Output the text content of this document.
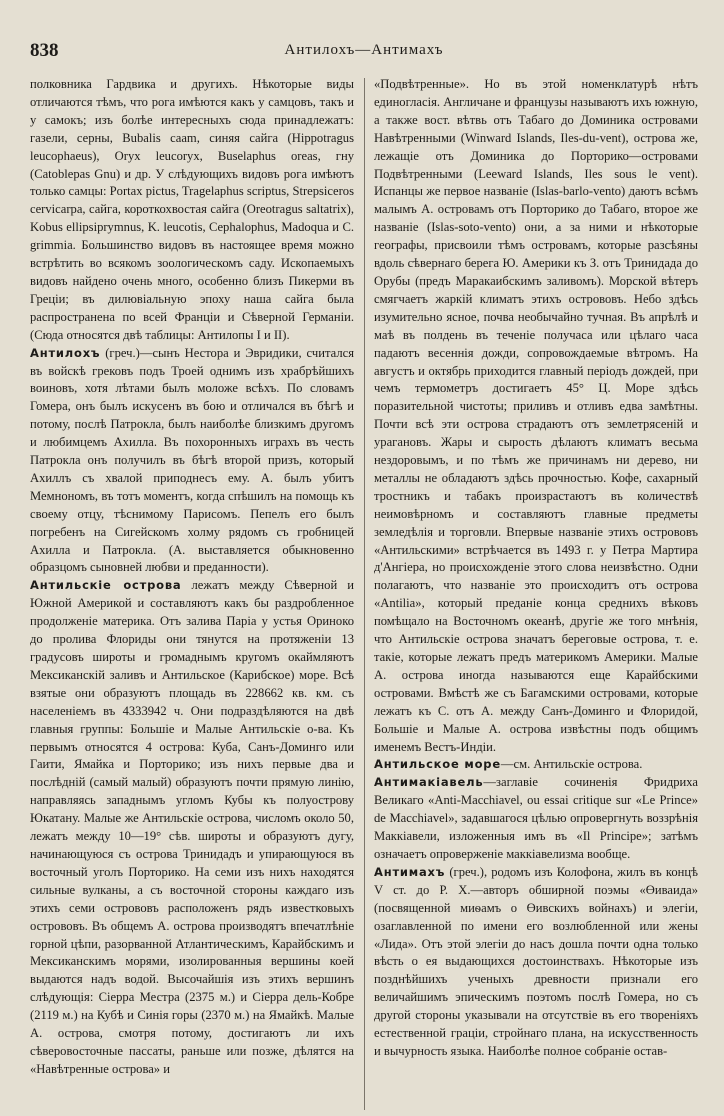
838	Антилохъ—Антимахъ

полковника Гардвика и другихъ. Нѣкоторые виды отличаются тѣмъ, что рога имѣются какъ у самцовъ, такъ и у самокъ; изъ болѣе интересныхъ сюда принадлежатъ: газели, серны, Bubalis caam, синяя сайга (Hippotragus leucophaeus), Oryx leucoryx, Buselaphus oreas, гну (Catoblepas Gnu) и др. У слѣдующихъ видовъ рога имѣютъ только самцы: Portax pictus, Tragelaphus scriptus, Strepsiceros cervicarpa, сайга, короткохвостая сайга (Oreotragus saltatrix), Kobus ellipsiprymnus, K. leucotis, Cephalophus, Madoqua и C. grimmia. Большинство видовъ въ настоящее время можно встрѣтить во всякомъ зоологическомъ саду. Ископаемыхъ видовъ найдено очень много, особенно близъ Пикерми въ Греціи; въ дилювіальную эпоху наша сайга была распространена по всей Франціи и Сѣверной Германіи. (Сюда относятся двѣ таблицы: Антилопы I и II).

Антилохъ (греч.)—сынъ Нестора и Эвридики, считался въ войскѣ грековъ подъ Троей однимъ изъ храбрѣйшихъ воиновъ, хотя лѣтами былъ моложе всѣхъ. По словамъ Гомера, онъ былъ искусенъ въ бою и отличался въ бѣгѣ и потому, послѣ Патрокла, былъ наиболѣе близкимъ другомъ и любимцемъ Ахилла. Въ похоронныхъ играхъ въ честь Патрокла онъ получилъ въ бѣгѣ второй призъ, который Ахиллъ съ хвалой приподнесъ ему. А. былъ убитъ Мемнономъ, въ тотъ моментъ, когда спѣшилъ на помощь къ своему отцу, тѣснимому Парисомъ. Пепелъ его былъ погребенъ на Сигейскомъ холму рядомъ съ гробницей Ахилла и Патрокла. (А. выставляется обыкновенно образцомъ сыновней любви и преданности).

Антильскіе острова лежатъ между Сѣверной и Южной Америкой и составляютъ какъ бы раздробленное продолженіе материка. Отъ залива Паріа у устья Ориноко до пролива Флориды они тянутся на протяженіи 13 градусовъ широты и громаднымъ кругомъ окаймляютъ Мексиканскій заливъ и Антильское (Карибское) море. Всѣ взятые они образуютъ площадь въ 228662 кв. км. съ населеніемъ въ 4333942 ч. Они подраздѣляются на двѣ главныя группы: Большіе и Малые Антильскіе о-ва. Къ первымъ относятся 4 острова: Куба, Санъ-Доминго или Гаити, Ямайка и Порторико; изъ нихъ первые два и послѣдній (самый малый) образуютъ почти прямую линію, направляясь западнымъ угломъ Кубы къ полуострову Юкатану. Малые же Антильскіе острова, числомъ около 50, лежатъ между 10—19° сѣв. широты и образуютъ дугу, начинающуюся съ острова Тринидадъ и упирающуюся въ восточный уголъ Порторико. На семи изъ нихъ находятся сильные вулканы, а съ восточной стороны каждаго изъ этихъ семи острововъ расположенъ рядъ известковыхъ острововъ. Въ общемъ А. острова производятъ впечатлѣніе горной цѣпи, разорванной Атлантическимъ, Карайбскимъ и Мексиканскимъ морями, изолированныя вершины коей выдаются надъ водой. Высочайшія изъ этихъ вершинъ слѣдующія: Сіерра Местра (2375 м.) и Сіерра дель-Кобре (2119 м.) на Кубѣ и Синія горы (2370 м.) на Ямайкѣ. Малые А. острова, смотря потому, достигаютъ ли ихъ сѣверовосточные пассаты, раньше или позже, дѣлятся на «Навѣтренные острова» и

«Подвѣтренные». Но въ этой номенклатурѣ нѣтъ единогласія. Англичане и французы называютъ ихъ южную, а также вост. вѣтвь отъ Табаго до Доминика островами Навѣтренными (Winward Islands, Iles-du-vent), острова же, лежащіе отъ Доминика до Порторико—островами Подвѣтренными (Leeward Islands, Iles sous le vent). Испанцы же первое названіе (Islas-barlo-vento) даютъ всѣмъ малымъ А. островамъ отъ Порторико до Табаго, второе же названіе (Islas-soto-vento) они, а за ними и нѣкоторые географы, присвоили тѣмъ островамъ, которые разсѣяны вдоль сѣвернаго берега Ю. Америки къ З. отъ Тринидада до Орубы (предъ Маракаибскимъ заливомъ). Морской вѣтеръ смягчаетъ жаркій климатъ этихъ острововъ. Небо здѣсь изумительно ясное, почва необычайно тучная. Въ апрѣлѣ и маѣ въ полдень въ теченіе получаса или цѣлаго часа падаютъ весеннія дожди, сопровождаемые вѣтромъ. На августъ и октябрь приходится главный періодъ дождей, при чемъ термометръ достигаетъ 45° Ц. Море здѣсь поразительной чистоты; приливъ и отливъ едва замѣтны. Почти всѣ эти острова страдаютъ отъ землетрясеній и урагановъ. Жары и сырость дѣлаютъ климатъ весьма нездоровымъ, и по тѣмъ же причинамъ ни дерево, ни металлы не обладаютъ здѣсь прочностью. Кофе, сахарный тростникъ и табакъ произрастаютъ въ количествѣ неимовѣрномъ и составляютъ главные предметы земледѣлія и торговли. Впервые названіе этихъ острововъ «Антильскими» встрѣчается въ 1493 г. у Петра Мартира д'Ангіера, но происхожденіе этого слова неизвѣстно. Одни полагаютъ, что названіе это происходитъ отъ острова «Antilia», который преданіе конца среднихъ вѣковъ помѣщало на Восточномъ океанѣ, другіе же того мнѣнія, что Антильскіе острова значатъ береговые острова, т. е. такіе, которые лежатъ предъ материкомъ Америки. Малые А. острова иногда называются еще Карайбскими островами. Вмѣстѣ же съ Багамскими островами, которые лежатъ къ С. отъ А. между Санъ-Доминго и Флоридой, Большіе и Малые А. острова извѣстны подъ общимъ именемъ Вестъ-Индіи.

Антильское море—см. Антильскіе острова.

Антимакіавель—заглавіе сочиненія Фридриха Великаго «Anti-Macchiavel, ou essai critique sur «Le Prince» de Macchiavel», задавшагося цѣлью опровергнуть воззрѣнія Маккіавели, изложенныя имъ въ «Il Principe»; затѣмъ означаетъ опроверженіе маккіавелизма вообще.

Антимахъ (греч.), родомъ изъ Колофона, жилъ въ концѣ V ст. до Р. Х.—авторъ обширной поэмы «Өиваида» (посвященной миѳамъ о Өивскихъ войнахъ) и элегіи, озаглавленной по имени его возлюбленной или жены «Лида». Отъ этой элегіи до насъ дошла почти одна только вѣсть о ея выдающихся достоинствахъ. Нѣкоторые изъ позднѣйшихъ ученыхъ древности признали его величайшимъ эпическимъ поэтомъ послѣ Гомера, но съ другой стороны указывали на отсутствіе въ его твореніяхъ естественной граціи, стройнаго плана, на искусственность и вычурность языка. Наиболѣе полное собраніе остав-
